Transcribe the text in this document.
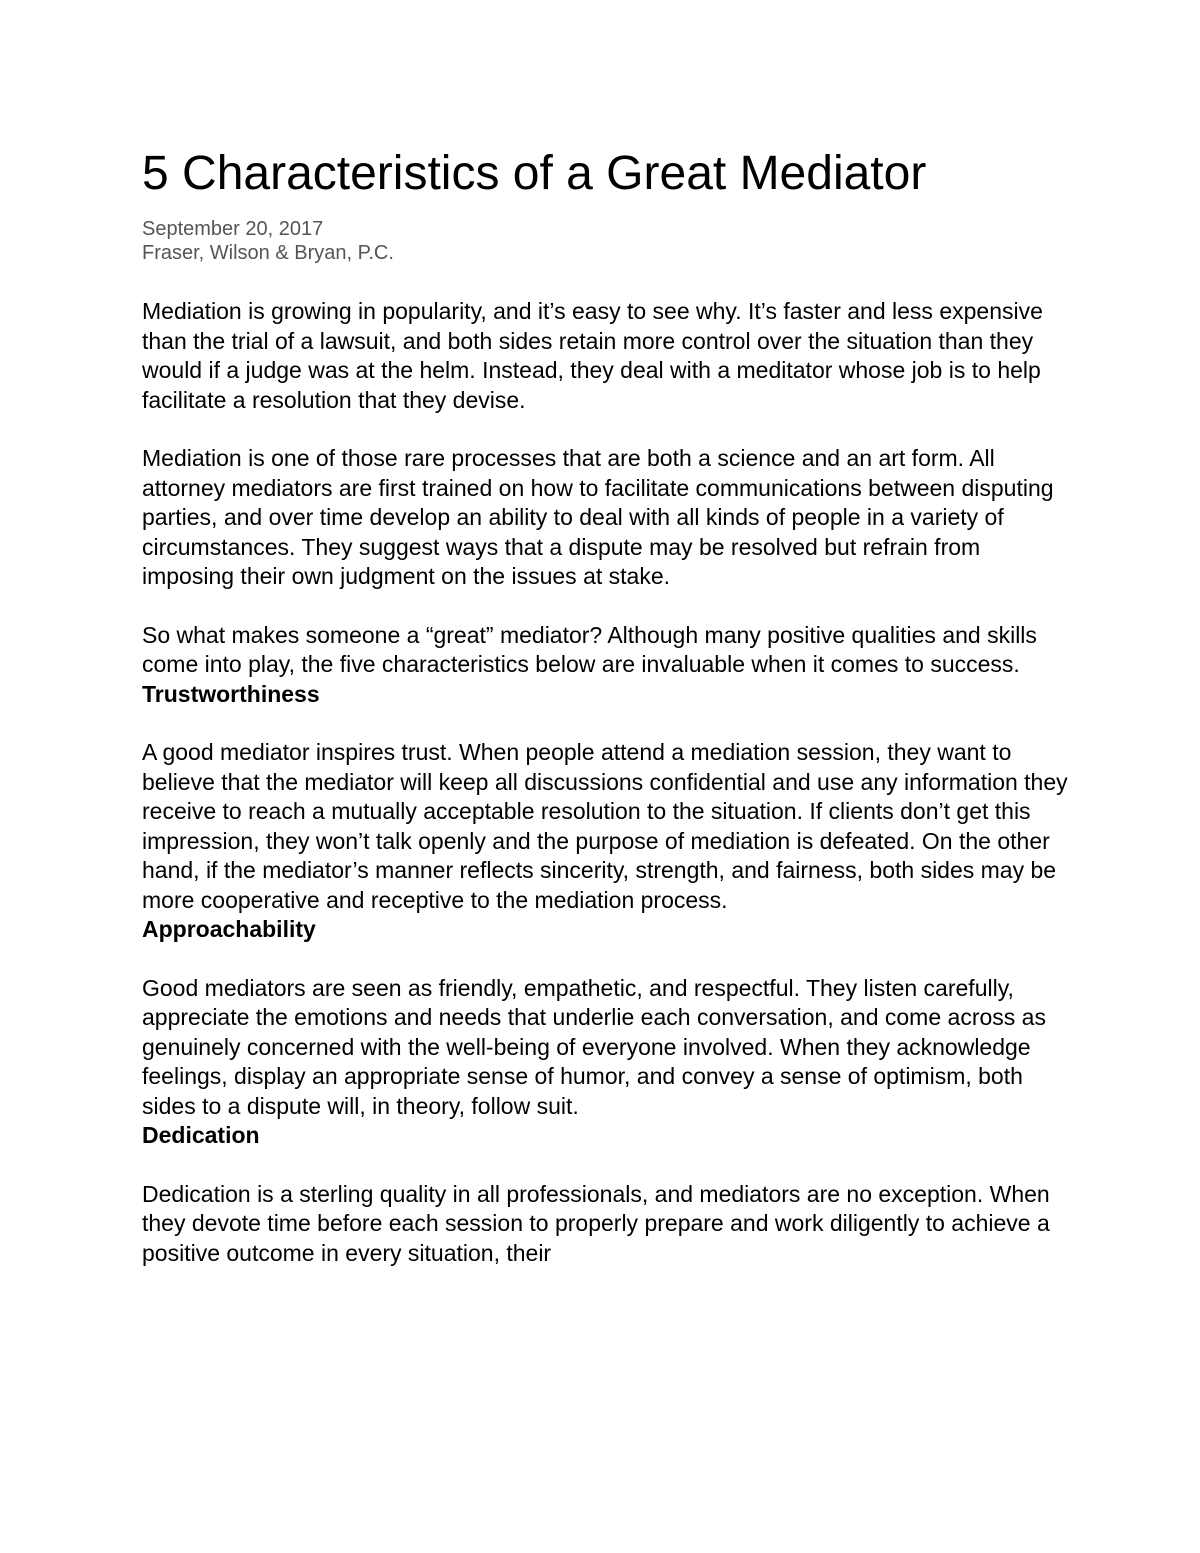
5 Characteristics of a Great Mediator
September 20, 2017
Fraser, Wilson & Bryan, P.C.

Mediation is growing in popularity, and it’s easy to see why. It’s faster and less expensive than the trial of a lawsuit, and both sides retain more control over the situation than they would if a judge was at the helm. Instead, they deal with a meditator whose job is to help facilitate a resolution that they devise.

Mediation is one of those rare processes that are both a science and an art form. All attorney mediators are first trained on how to facilitate communications between disputing parties, and over time develop an ability to deal with all kinds of people in a variety of circumstances. They suggest ways that a dispute may be resolved but refrain from imposing their own judgment on the issues at stake.

So what makes someone a “great” mediator? Although many positive qualities and skills come into play, the five characteristics below are invaluable when it comes to success.

Trustworthiness

A good mediator inspires trust. When people attend a mediation session, they want to believe that the mediator will keep all discussions confidential and use any information they receive to reach a mutually acceptable resolution to the situation. If clients don’t get this impression, they won’t talk openly and the purpose of mediation is defeated. On the other hand, if the mediator’s manner reflects sincerity, strength, and fairness, both sides may be more cooperative and receptive to the mediation process.

Approachability

Good mediators are seen as friendly, empathetic, and respectful. They listen carefully, appreciate the emotions and needs that underlie each conversation, and come across as genuinely concerned with the well-being of everyone involved. When they acknowledge feelings, display an appropriate sense of humor, and convey a sense of optimism, both sides to a dispute will, in theory, follow suit.

Dedication

Dedication is a sterling quality in all professionals, and mediators are no exception. When they devote time before each session to properly prepare and work diligently to achieve a positive outcome in every situation, their
